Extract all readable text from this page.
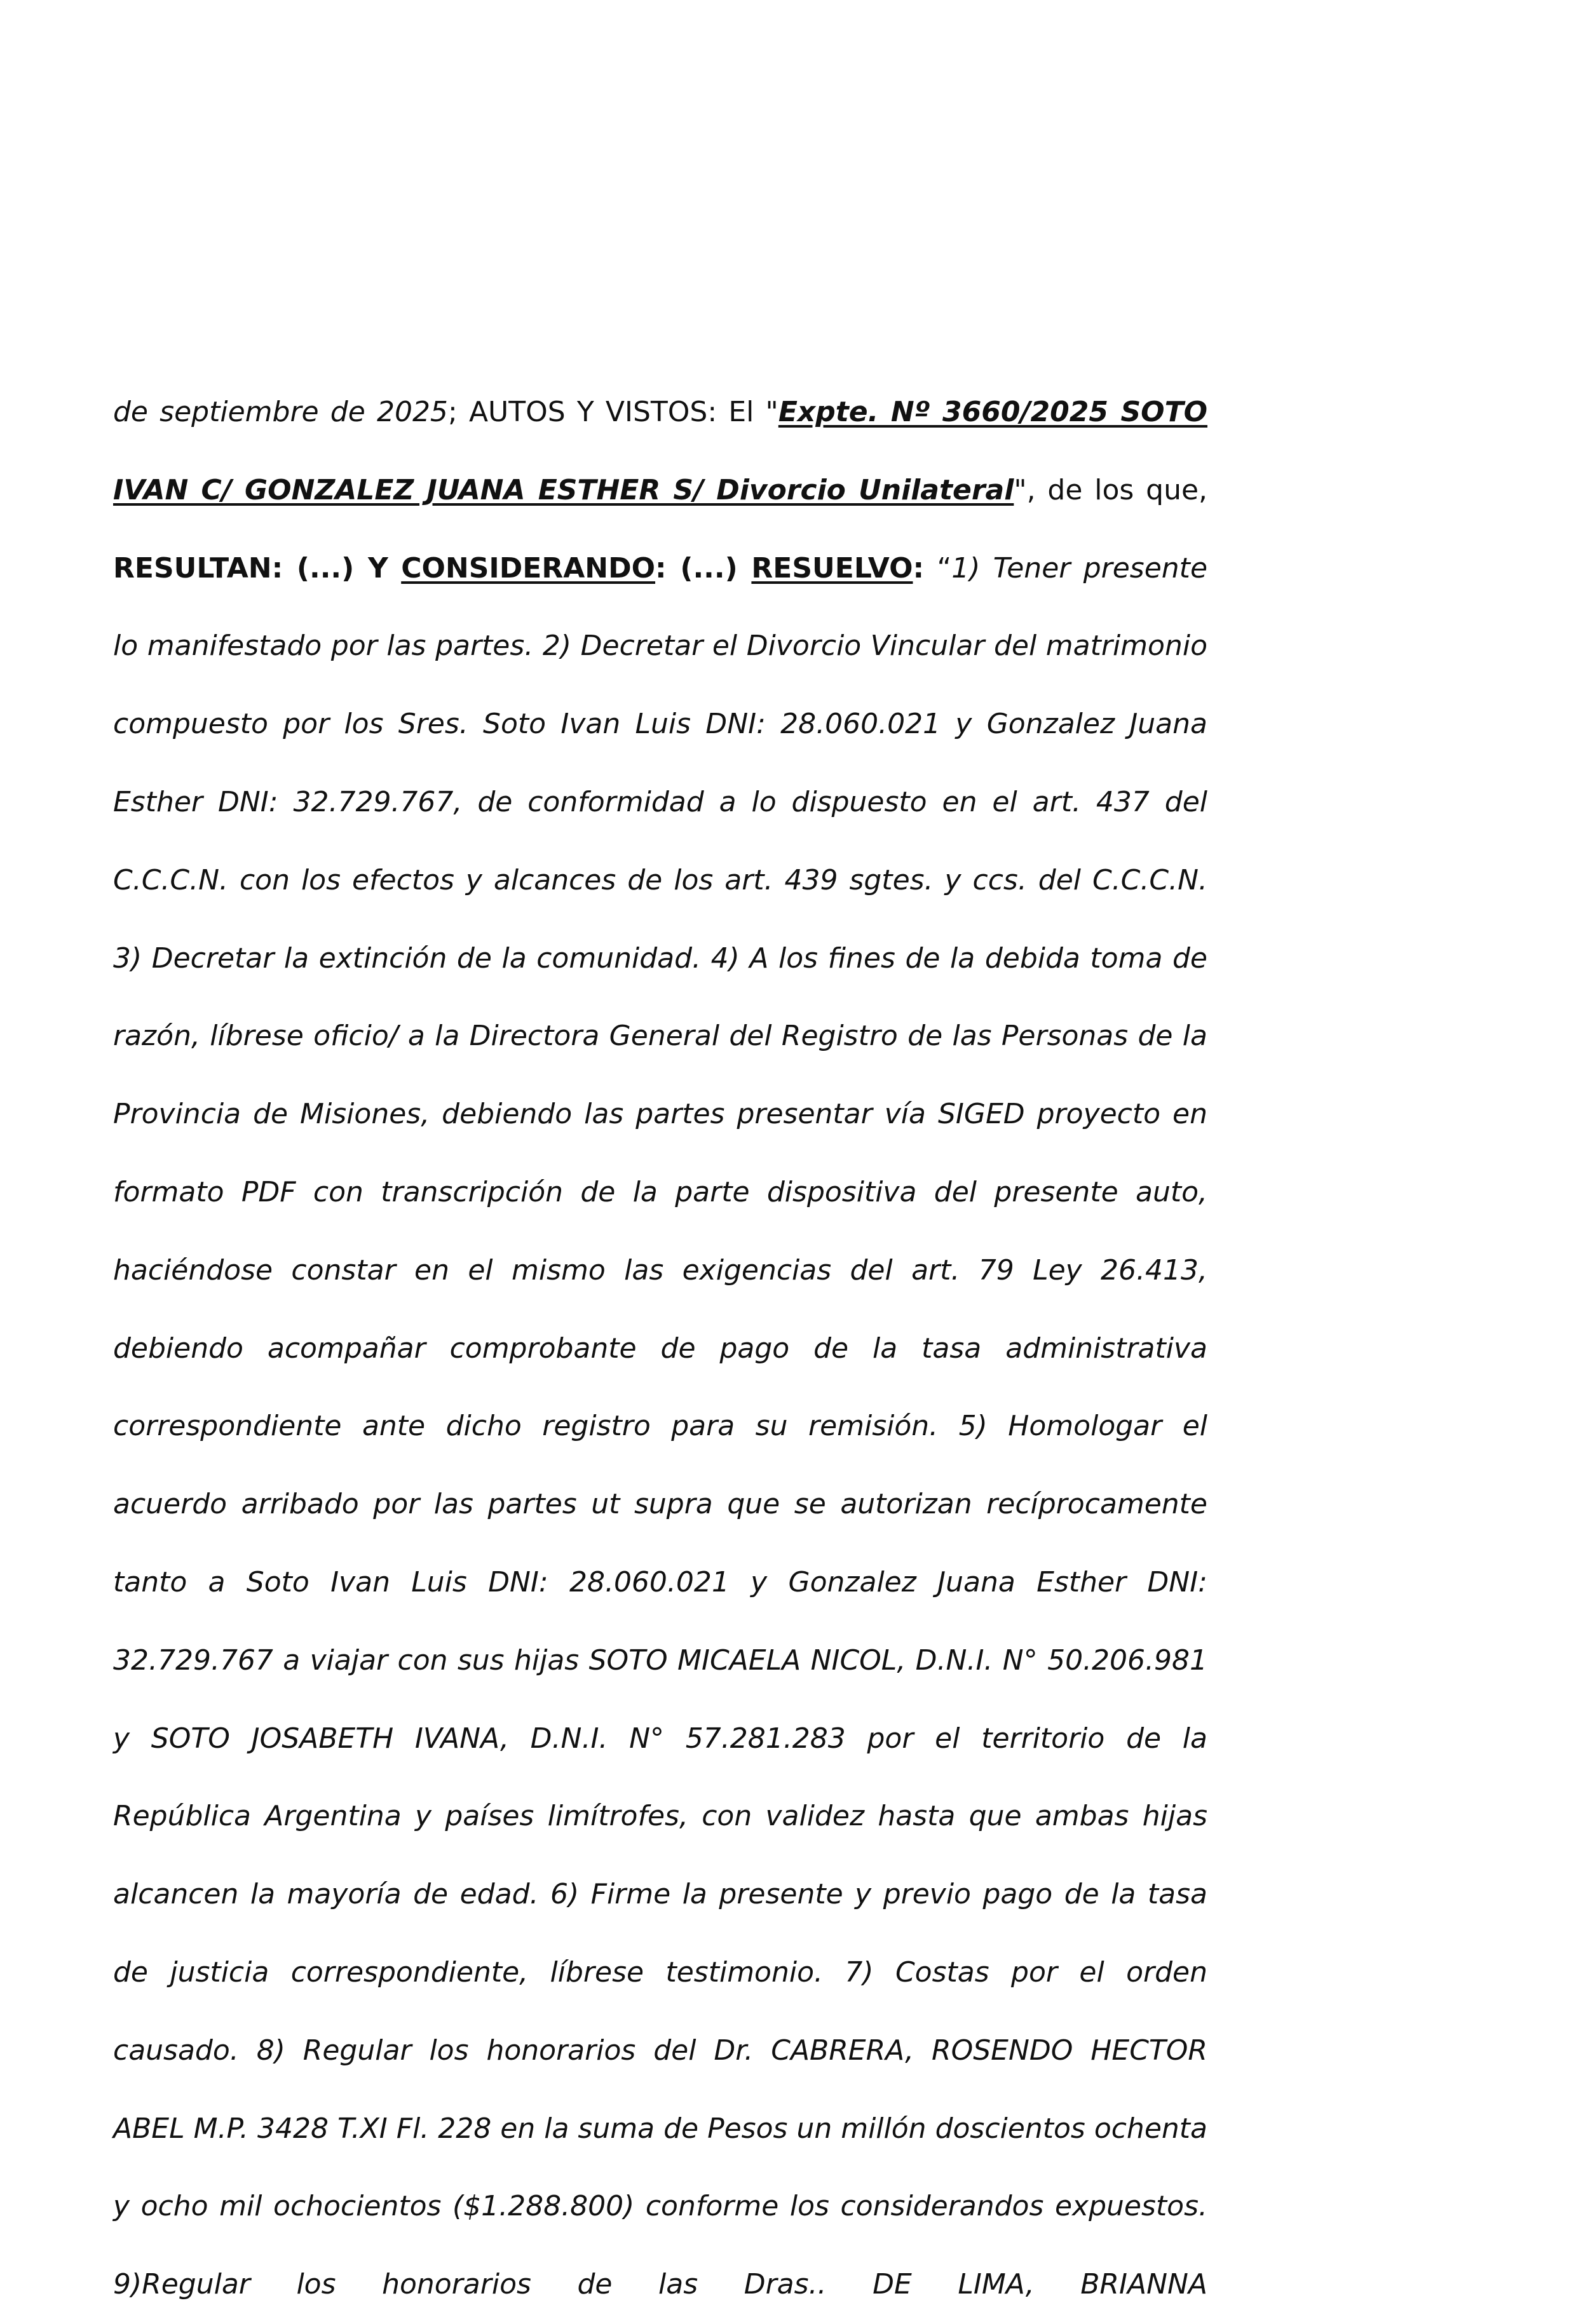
de septiembre de 2025; AUTOS Y VISTOS: El "Expte. Nº 3660/2025 SOTO IVAN C/ GONZALEZ JUANA ESTHER S/ Divorcio Unilateral", de los que, RESULTAN: (...) Y CONSIDERANDO: (...) RESUELVO: “1) Tener presente lo manifestado por las partes. 2) Decretar el Divorcio Vincular del matrimonio compuesto por los Sres. Soto Ivan Luis DNI: 28.060.021 y Gonzalez Juana Esther DNI: 32.729.767, de conformidad a lo dispuesto en el art. 437 del C.C.C.N. con los efectos y alcances de los art. 439 sgtes. y ccs. del C.C.C.N. 3) Decretar la extinción de la comunidad. 4) A los fines de la debida toma de razón, líbrese oficio/ a la Directora General del Registro de las Personas de la Provincia de Misiones, debiendo las partes presentar vía SIGED proyecto en formato PDF con transcripción de la parte dispositiva del presente auto, haciéndose constar en el mismo las exigencias del art. 79 Ley 26.413, debiendo acompañar comprobante de pago de la tasa administrativa correspondiente ante dicho registro para su remisión. 5) Homologar el acuerdo arribado por las partes ut supra que se autorizan recíprocamente tanto a Soto Ivan Luis DNI: 28.060.021 y Gonzalez Juana Esther DNI: 32.729.767 a viajar con sus hijas SOTO MICAELA NICOL, D.N.I. N° 50.206.981 y SOTO JOSABETH IVANA, D.N.I. N° 57.281.283 por el territorio de la República Argentina y países limítrofes, con validez hasta que ambas hijas alcancen la mayoría de edad. 6) Firme la presente y previo pago de la tasa de justicia correspondiente, líbrese testimonio. 7) Costas por el orden causado. 8) Regular los honorarios del Dr. CABRERA, ROSENDO HECTOR ABEL M.P. 3428 T.XI Fl. 228 en la suma de Pesos un millón doscientos ochenta y ocho mil ochocientos ($1.288.800) conforme los considerandos expuestos. 9)Regular los honorarios de las Dras.. DE LIMA, BRIANNA
